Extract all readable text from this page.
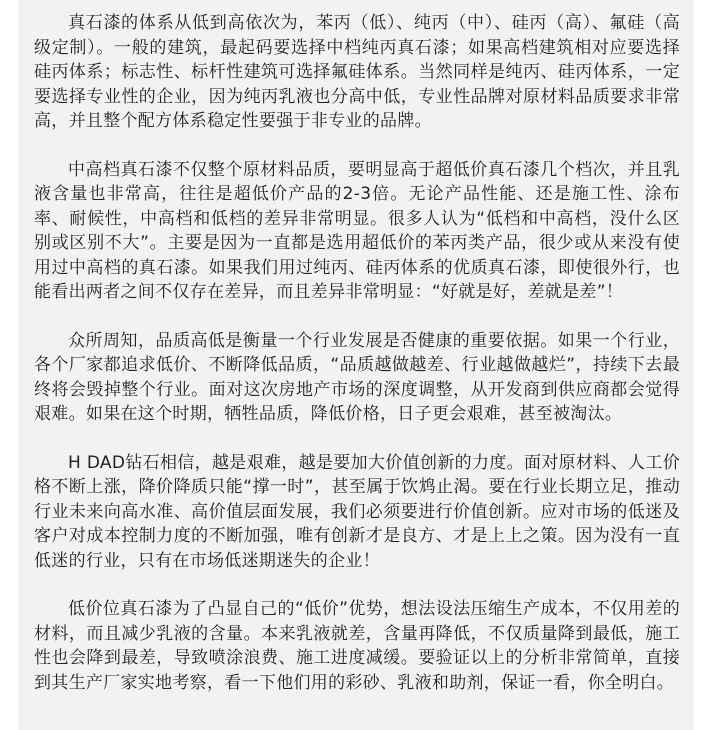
真石漆的体系从低到高依次为，苯丙（低）、纯丙（中）、硅丙（高）、氟硅（高级定制）。一般的建筑，最起码要选择中档纯丙真石漆；如果高档建筑相对应要选择硅丙体系；标志性、标杆性建筑可选择氟硅体系。当然同样是纯丙、硅丙体系，一定要选择专业性的企业，因为纯丙乳液也分高中低，专业性品牌对原材料品质要求非常高，并且整个配方体系稳定性要强于非专业的品牌。

中高档真石漆不仅整个原材料品质，要明显高于超低价真石漆几个档次，并且乳液含量也非常高，往往是超低价产品的2-3倍。无论产品性能、还是施工性、涂布率、耐候性，中高档和低档的差异非常明显。很多人认为“低档和中高档，没什么区别或区别不大”。主要是因为一直都是选用超低价的苯丙类产品，很少或从来没有使用过中高档的真石漆。如果我们用过纯丙、硅丙体系的优质真石漆，即使很外行，也能看出两者之间不仅存在差异，而且差异非常明显：“好就是好，差就是差”！

众所周知，品质高低是衡量一个行业发展是否健康的重要依据。如果一个行业，各个厂家都追求低价、不断降低品质，“品质越做越差、行业越做越烂”，持续下去最终将会毁掉整个行业。面对这次房地产市场的深度调整，从开发商到供应商都会觉得艰难。如果在这个时期，牺牲品质，降低价格，日子更会艰难，甚至被淘汰。

H DAD钻石相信，越是艰难，越是要加大价值创新的力度。面对原材料、人工价格不断上涨，降价降质只能“撑一时”，甚至属于饮鸩止渴。要在行业长期立足，推动行业未来向高水准、高价值层面发展，我们必须要进行价值创新。应对市场的低迷及客户对成本控制力度的不断加强，唯有创新才是良方、才是上上之策。因为没有一直低迷的行业，只有在市场低迷期迷失的企业！

低价位真石漆为了凸显自己的“低价”优势，想法设法压缩生产成本，不仅用差的材料，而且减少乳液的含量。本来乳液就差，含量再降低，不仅质量降到最低，施工性也会降到最差，导致喷涂浪费、施工进度减缓。要验证以上的分析非常简单，直接到其生产厂家实地考察，看一下他们用的彩砂、乳液和助剂，保证一看，你全明白。
